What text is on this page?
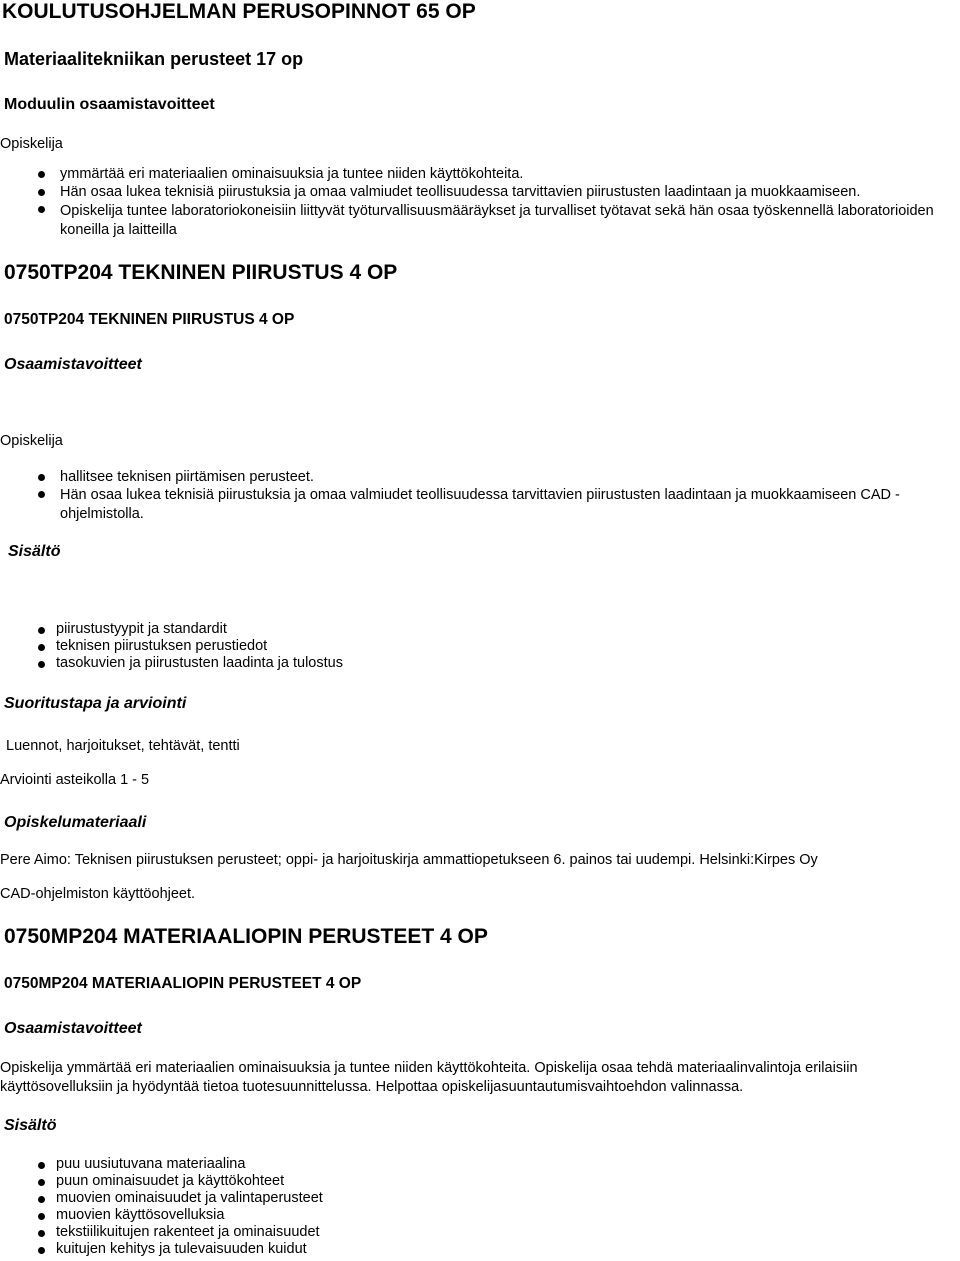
KOULUTUSOHJELMAN PERUSOPINNOT 65 OP
Materiaalitekniikan perusteet 17 op
Moduulin osaamistavoitteet
Opiskelija
ymmärtää eri materiaalien ominaisuuksia ja tuntee niiden käyttökohteita.
Hän osaa lukea teknisiä piirustuksia ja omaa valmiudet teollisuudessa tarvittavien piirustusten laadintaan ja muokkaamiseen.
Opiskelija tuntee laboratoriokoneisiin liittyvät työturvallisuusmääräykset ja turvalliset työtavat sekä hän osaa työskennellä laboratorioiden koneilla ja laitteilla
0750TP204 TEKNINEN PIIRUSTUS 4 OP
0750TP204 TEKNINEN PIIRUSTUS 4 OP
Osaamistavoitteet
Opiskelija
hallitsee teknisen piirtämisen perusteet.
Hän osaa lukea teknisiä piirustuksia ja omaa valmiudet teollisuudessa tarvittavien piirustusten laadintaan ja muokkaamiseen CAD -ohjelmistolla.
Sisältö
piirustustyypit ja standardit
teknisen piirustuksen perustiedot
tasokuvien ja piirustusten laadinta ja tulostus
Suoritustapa ja arviointi
Luennot, harjoitukset, tehtävät, tentti
Arviointi asteikolla 1 - 5
Opiskelumateriaali
Pere Aimo: Teknisen piirustuksen perusteet; oppi- ja harjoituskirja ammattiopetukseen 6. painos tai uudempi. Helsinki:Kirpes Oy
CAD-ohjelmiston käyttöohjeet.
0750MP204 MATERIAALIOPIN PERUSTEET 4 OP
0750MP204 MATERIAALIOPIN PERUSTEET 4 OP
Osaamistavoitteet
Opiskelija ymmärtää eri materiaalien ominaisuuksia ja tuntee niiden käyttökohteita. Opiskelija osaa tehdä materiaalinvalintoja erilaisiin käyttösovelluksiin ja hyödyntää tietoa tuotesuunnittelussa. Helpottaa opiskelijasuuntautumisvaihtoehdon valinnassa.
Sisältö
puu uusiutuvana materiaalina
puun ominaisuudet ja käyttökohteet
muovien ominaisuudet ja valintaperusteet
muovien käyttösovelluksia
tekstiilikuitujen rakenteet ja ominaisuudet
kuitujen kehitys ja tulevaisuuden kuidut
